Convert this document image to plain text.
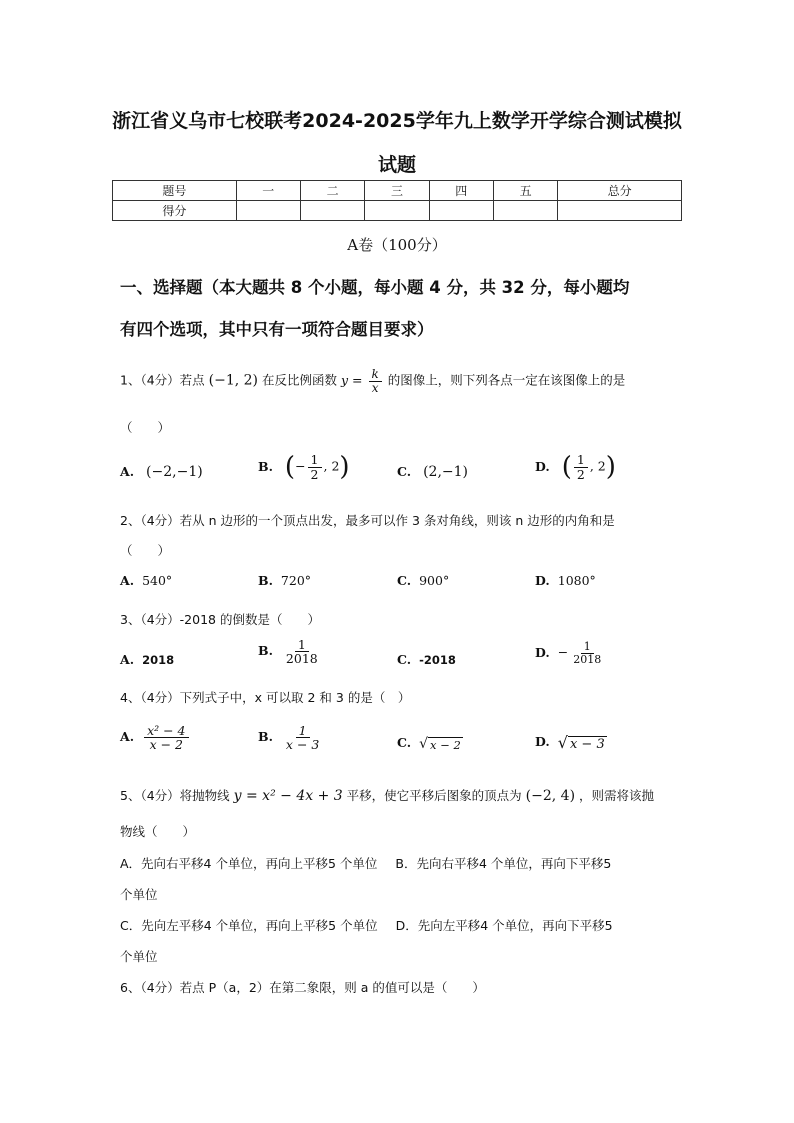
浙江省义乌市七校联考2024-2025学年九上数学开学综合测试模拟
试题
题号	一	二	三	四	五	总分
得分						
A卷（100分）
一、选择题（本大题共 8 个小题，每小题 4 分，共 32 分，每小题均
有四个选项，其中只有一项符合题目要求）
1、（4分）若点 (−1, 2) 在反比例函数 $y = \frac{k}{x}$ 的图像上，则下列各点一定在该图像上的是
（　　）
A. (−2,−1)	B. (− $\frac{1}{2}$ , 2)	C. (2,−1)	D. ( $\frac{1}{2}$ , 2)
2、（4分）若从 n 边形的一个顶点出发，最多可以作 3 条对角线，则该 n 边形的内角和是
（　　）
A. 540°	B. 720°	C. 900°	D. 1080°
3、（4分）-2018 的倒数是（　　）
A. 2018
B. $\frac{1}{2018}$	C. -2018
D. − $\frac{1}{2018}$
4、（4分）下列式子中，x 可以取 2 和 3 的是（　）
A. $\frac{\text{x² − 4}}{x - 2}$	B. $\frac{1}{x - 3}$	C. √ x − 2	D. √ x − 3
5、（4分）将抛物线 y = x² − 4x + 3 平移，使它平移后图象的顶点为 (−2, 4) ，则需将该抛
物线（　　）
A．先向右平移4 个单位，再向上平移5 个单位 B．先向右平移4 个单位，再向下平移5
个单位
C．先向左平移4 个单位，再向上平移5 个单位 D．先向左平移4 个单位，再向下平移5
个单位
6、（4分）若点 P（a，2）在第二象限，则 a 的值可以是（　　）
